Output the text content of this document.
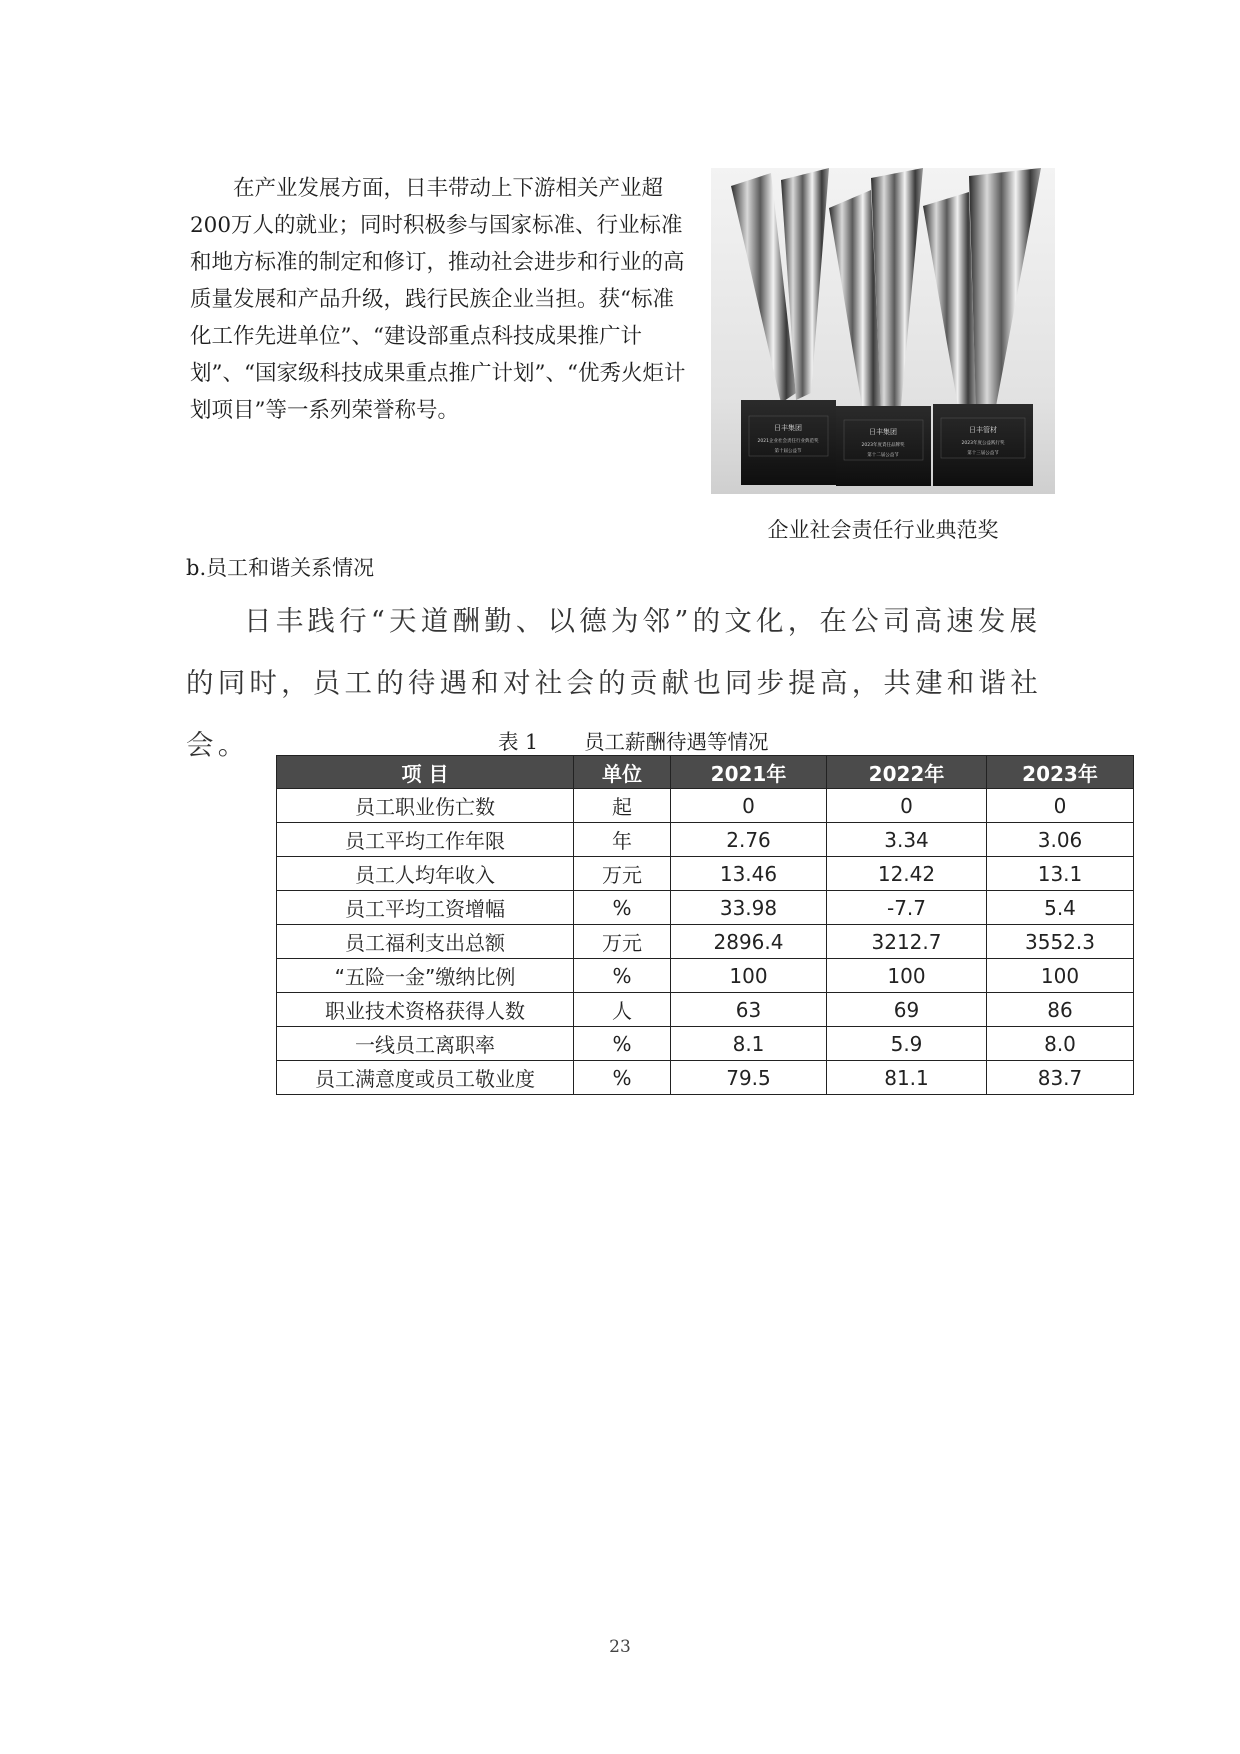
在产业发展方面，日丰带动上下游相关产业超200万人的就业；同时积极参与国家标准、行业标准和地方标准的制定和修订，推动社会进步和行业的高质量发展和产品升级，践行民族企业当担。获“标准化工作先进单位”、“建设部重点科技成果推广计划”、“国家级科技成果重点推广计划”、“优秀火炬计划项目”等一系列荣誉称号。

日丰集团
2021企业社会责任行业典范奖
第十届公益节
日丰集团
2023年度責任品牌奖
第十二届公益节
日丰管材
2023年度公益践行奖
第十三届公益节

企业社会责任行业典范奖

b.员工和谐关系情况

日丰践行“天道酬勤、以德为邻”的文化，在公司高速发展的同时，员工的待遇和对社会的贡献也同步提高，共建和谐社会。	表 1 员工薪酬待遇等情况

项 目	单位	2021年	2022年	2023年
员工职业伤亡数	起	0	0	0
员工平均工作年限	年	2.76	3.34	3.06
员工人均年收入	万元	13.46	12.42	13.1
员工平均工资增幅	%	33.98	-7.7	5.4
员工福利支出总额	万元	2896.4	3212.7	3552.3
“五险一金”缴纳比例	%	100	100	100
职业技术资格获得人数	人	63	69	86
一线员工离职率	%	8.1	5.9	8.0
员工满意度或员工敬业度	%	79.5	81.1	83.7

23
